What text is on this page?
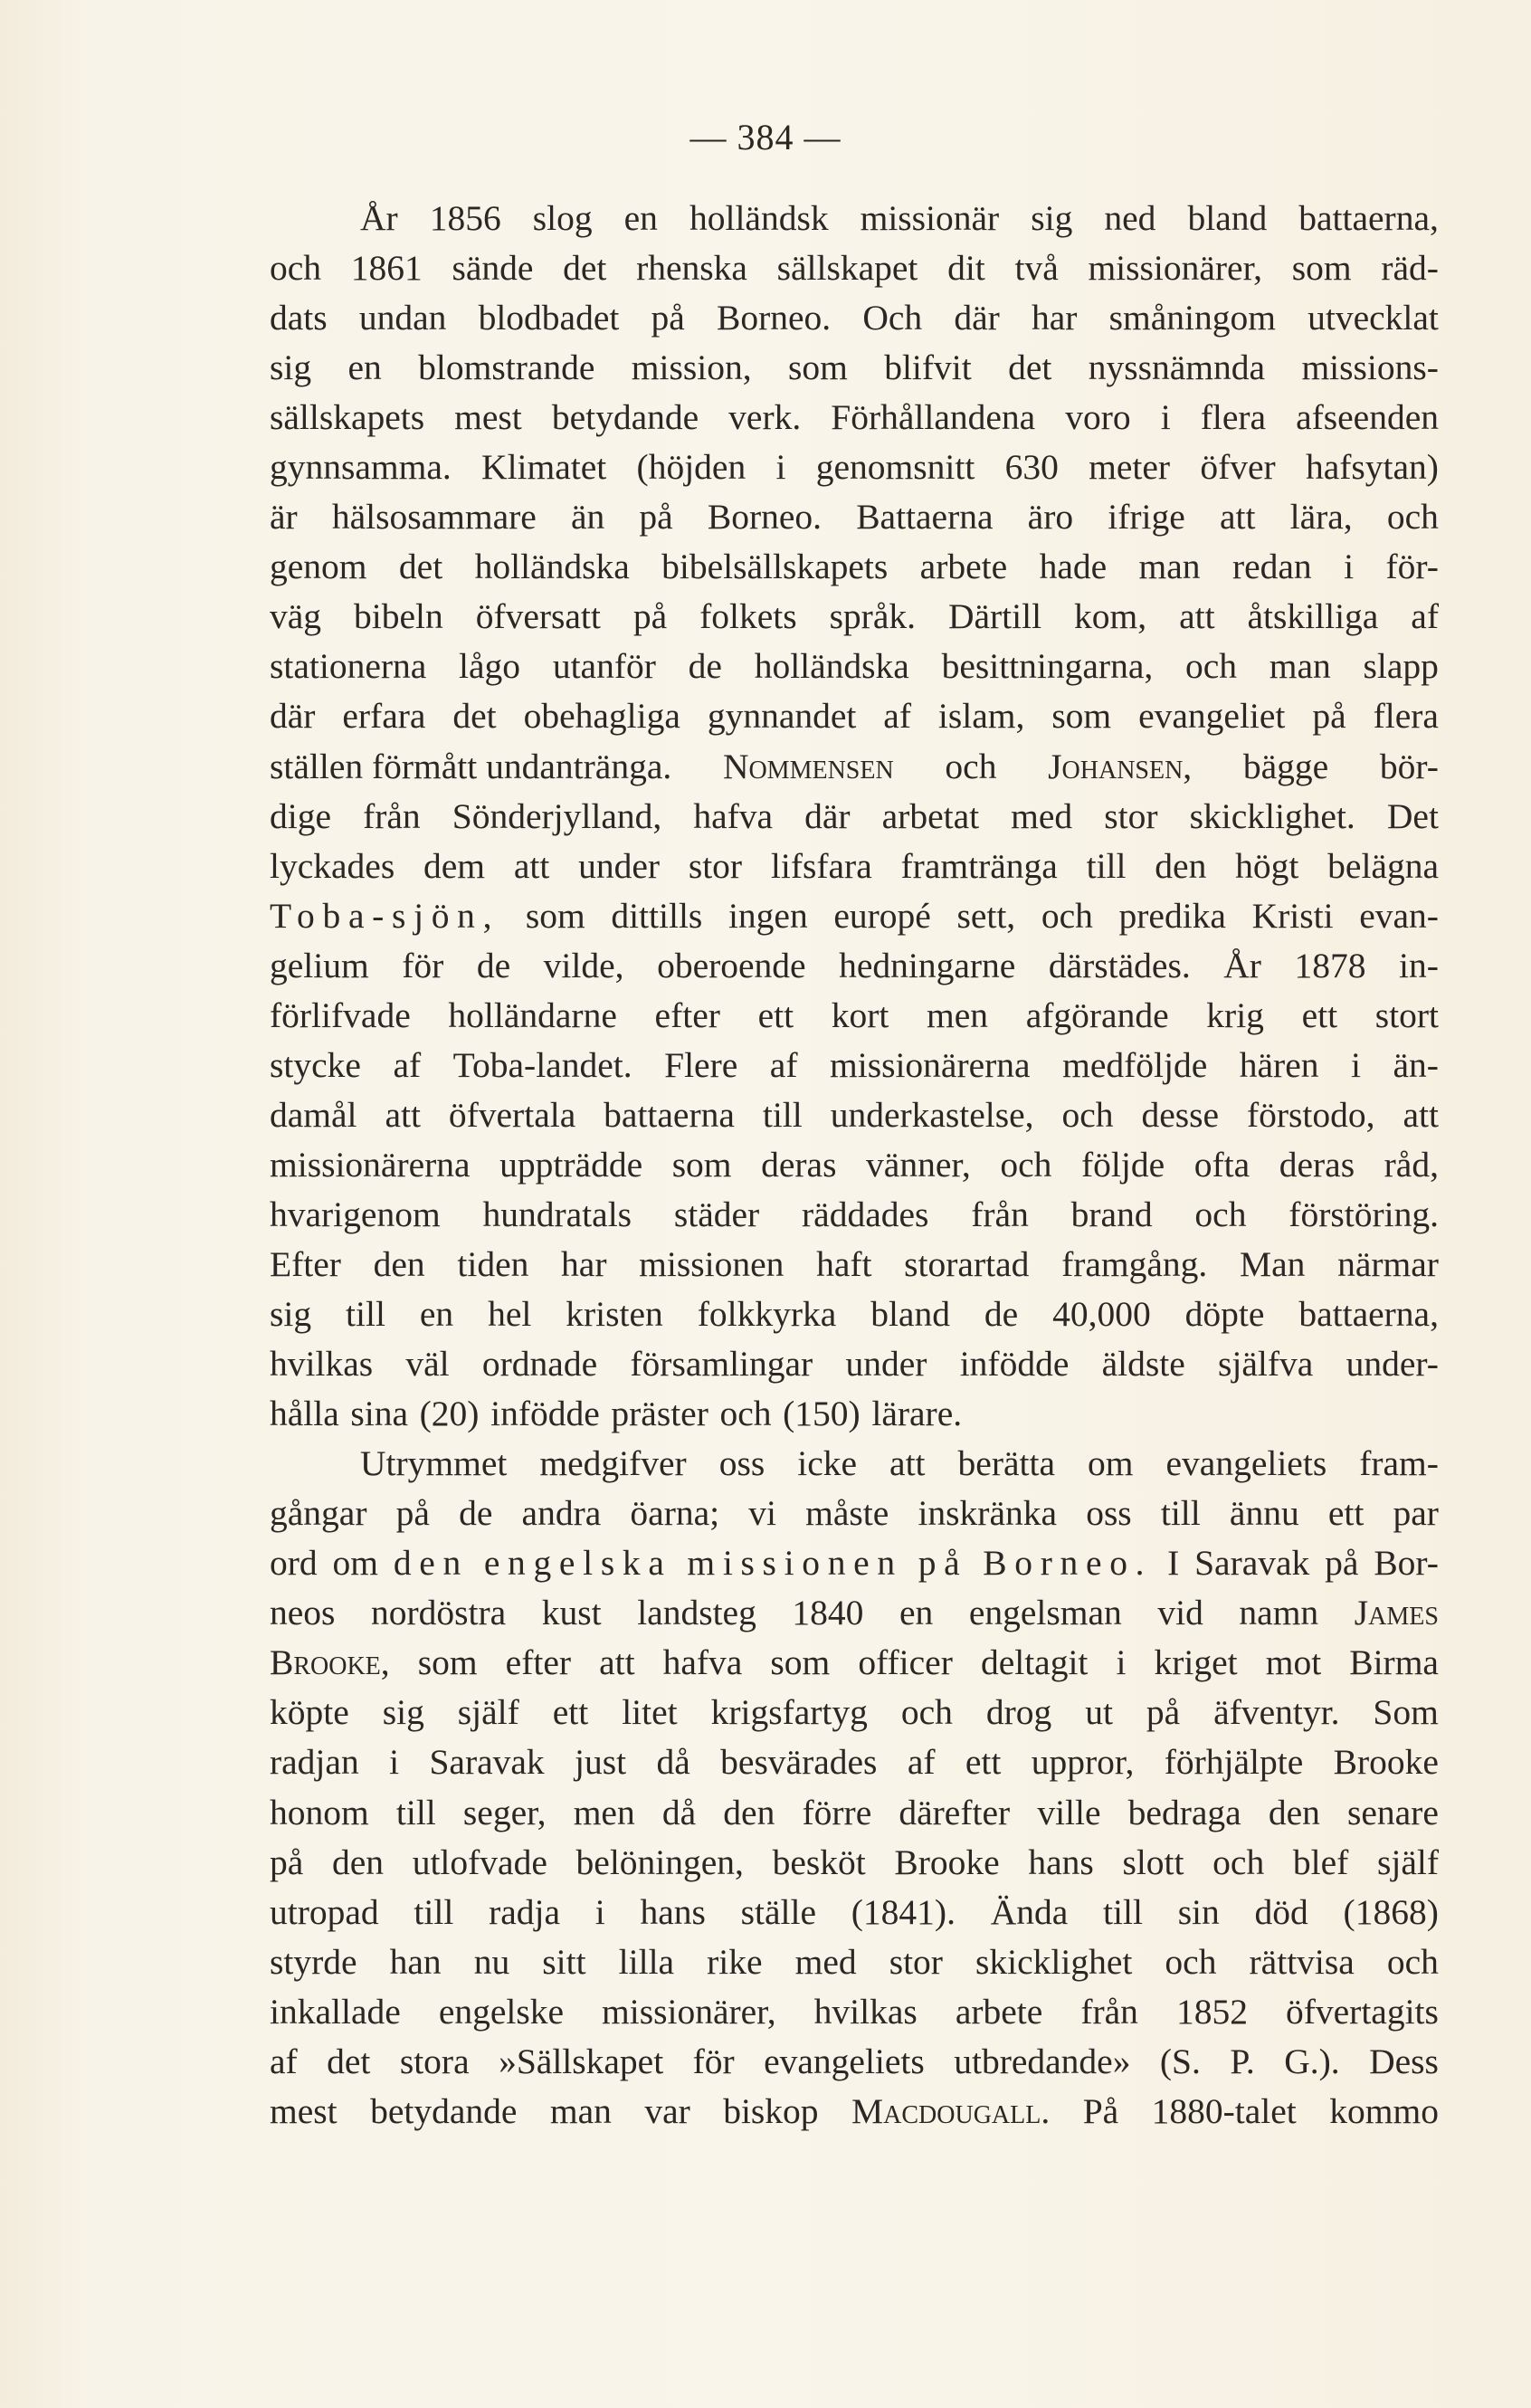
— 384 —
År 1856 slog en holländsk missionär sig ned bland battaerna,
och 1861 sände det rhenska sällskapet dit två missionärer, som räd-
dats undan blodbadet på Borneo. Och där har småningom utvecklat
sig en blomstrande mission, som blifvit det nyssnämnda missions-
sällskapets mest betydande verk. Förhållandena voro i flera afseenden
gynnsamma. Klimatet (höjden i genomsnitt 630 meter öfver hafsytan)
är hälsosammare än på Borneo. Battaerna äro ifrige att lära, och
genom det holländska bibelsällskapets arbete hade man redan i för-
väg bibeln öfversatt på folkets språk. Därtill kom, att åtskilliga af
stationerna lågo utanför de holländska besittningarna, och man slapp
där erfara det obehagliga gynnandet af islam, som evangeliet på flera
ställen förmått undantränga. Nommensen och Johansen, bägge bör-
dige från Sönderjylland, hafva där arbetat med stor skicklighet. Det
lyckades dem att under stor lifsfara framtränga till den högt belägna
Toba-sjön, som dittills ingen europé sett, och predika Kristi evan-
gelium för de vilde, oberoende hedningarne därstädes. År 1878 in-
förlifvade holländarne efter ett kort men afgörande krig ett stort
stycke af Toba-landet. Flere af missionärerna medföljde hären i än-
damål att öfvertala battaerna till underkastelse, och desse förstodo, att
missionärerna uppträdde som deras vänner, och följde ofta deras råd,
hvarigenom hundratals städer räddades från brand och förstöring.
Efter den tiden har missionen haft storartad framgång. Man närmar
sig till en hel kristen folkkyrka bland de 40,000 döpte battaerna,
hvilkas väl ordnade församlingar under infödde äldste själfva under-
hålla sina (20) infödde präster och (150) lärare.
Utrymmet medgifver oss icke att berätta om evangeliets fram-
gångar på de andra öarna; vi måste inskränka oss till ännu ett par
ord om den engelska missionen på Borneo. I Saravak på Bor-
neos nordöstra kust landsteg 1840 en engelsman vid namn James
Brooke, som efter att hafva som officer deltagit i kriget mot Birma
köpte sig själf ett litet krigsfartyg och drog ut på äfventyr. Som
radjan i Saravak just då besvärades af ett uppror, förhjälpte Brooke
honom till seger, men då den förre därefter ville bedraga den senare
på den utlofvade belöningen, besköt Brooke hans slott och blef själf
utropad till radja i hans ställe (1841). Ända till sin död (1868)
styrde han nu sitt lilla rike med stor skicklighet och rättvisa och
inkallade engelske missionärer, hvilkas arbete från 1852 öfvertagits
af det stora »Sällskapet för evangeliets utbredande» (S. P. G.). Dess
mest betydande man var biskop Macdougall. På 1880-talet kommo
